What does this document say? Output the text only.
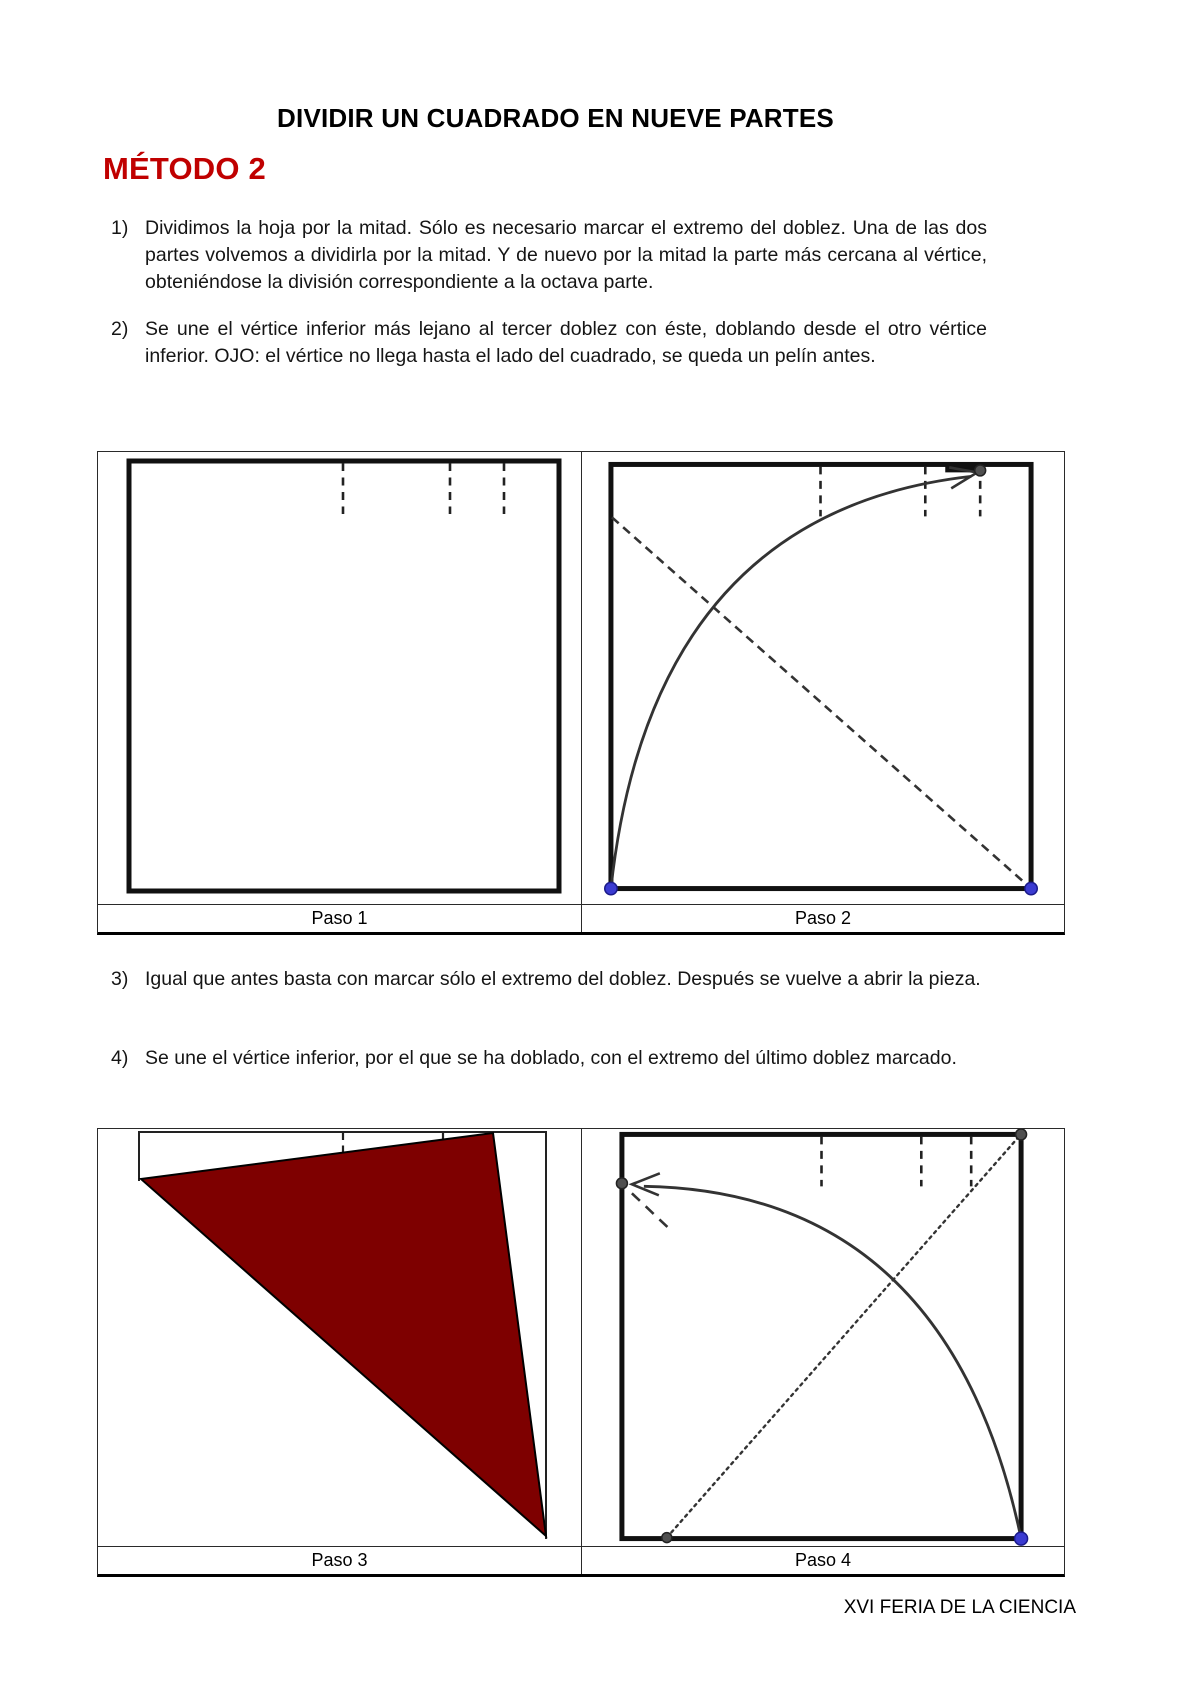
DIVIDIR UN CUADRADO EN NUEVE PARTES
MÉTODO 2
1) Dividimos la hoja por la mitad. Sólo es necesario marcar el extremo del doblez. Una de las dos partes volvemos a dividirla por la mitad. Y de nuevo por la mitad la parte más cercana al vértice, obteniéndose la división correspondiente a la octava parte.
2) Se une el vértice inferior más lejano al tercer doblez con éste, doblando desde el otro vértice inferior. OJO: el vértice no llega hasta el lado del cuadrado, se queda un pelín antes.
Paso 1	Paso 2
3) Igual que antes basta con marcar sólo el extremo del doblez. Después se vuelve a abrir la pieza.
4) Se une el vértice inferior, por el que se ha doblado, con el extremo del último doblez marcado.
Paso 3	Paso 4
XVI FERIA DE LA CIENCIA
